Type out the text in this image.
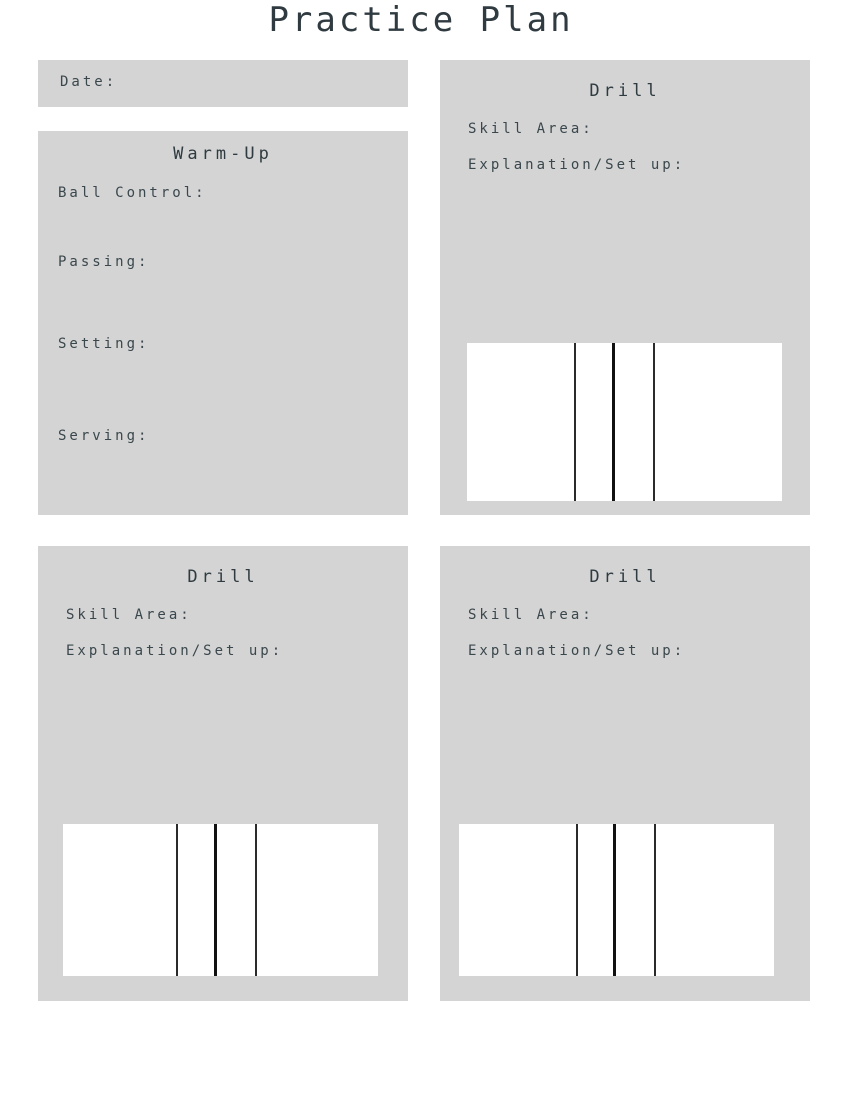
Practice Plan
Date:
Warm-Up
Ball Control:
Passing:
Setting:
Serving:
Drill
Skill Area:
Explanation/Set up:
Drill
Skill Area:
Explanation/Set up:
Drill
Skill Area:
Explanation/Set up:
